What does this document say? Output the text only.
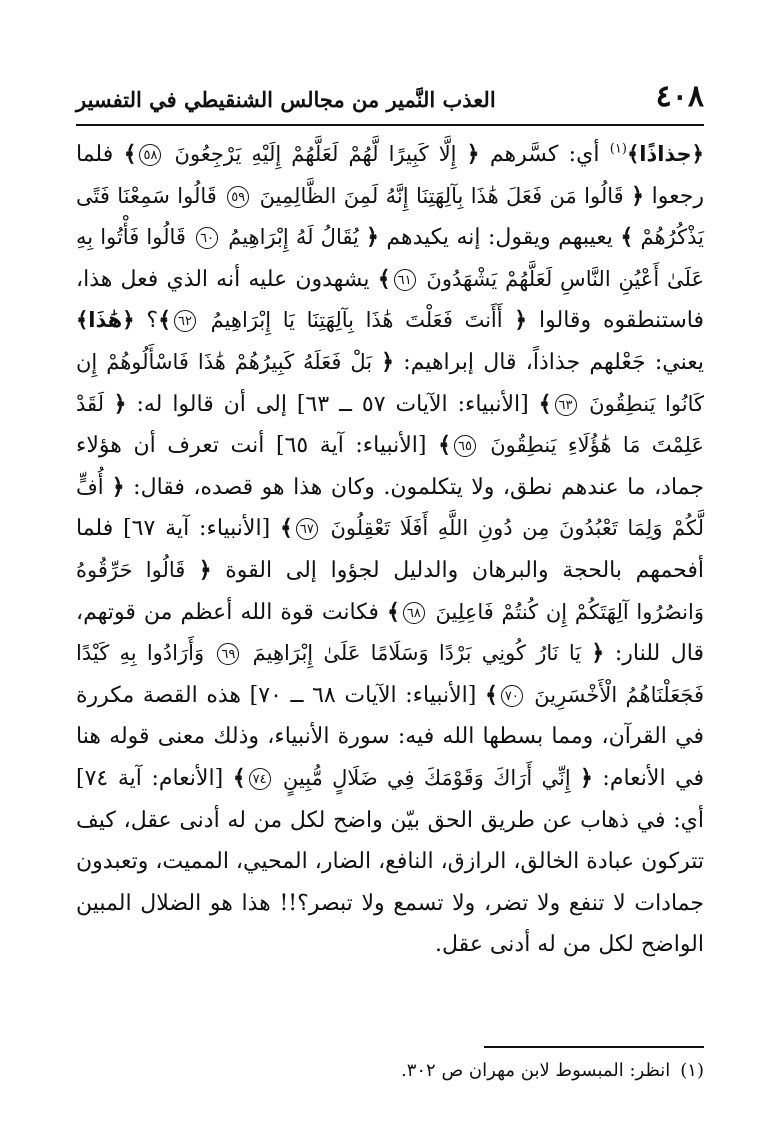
٤٠٨
العذب النَّمير من مجالس الشنقيطي في التفسير

﴿جذاذًا﴾$^{(١)}$ أي: كسَّرهم ﴿ إِلَّا كَبِيرًا لَّهُمْ لَعَلَّهُمْ إِلَيْهِ يَرْجِعُونَ ٥٨﴾ فلما رجعوا ﴿ قَالُوا مَن فَعَلَ هَٰذَا بِآلِهَتِنَا إِنَّهُ لَمِنَ الظَّالِمِينَ ٥٩ قَالُوا سَمِعْنَا فَتًى يَذْكُرُهُمْ ﴾ يعيبهم ويقول: إنه يكيدهم ﴿ يُقَالُ لَهُ إِبْرَاهِيمُ ٦٠ قَالُوا فَأْتُوا بِهِ عَلَىٰ أَعْيُنِ النَّاسِ لَعَلَّهُمْ يَشْهَدُونَ ٦١﴾ يشهدون عليه أنه الذي فعل هذا، فاستنطقوه وقالوا ﴿ أَأَنتَ فَعَلْتَ هَٰذَا بِآلِهَتِنَا يَا إِبْرَاهِيمُ ٦٢﴾؟ ﴿هَٰذَا﴾ يعني: جَعْلهم جذاذاً، قال إبراهيم: ﴿ بَلْ فَعَلَهُ كَبِيرُهُمْ هَٰذَا فَاسْأَلُوهُمْ إِن كَانُوا يَنطِقُونَ ٦٣﴾ [الأنبياء: الآيات ٥٧ ــ ٦٣] إلى أن قالوا له: ﴿ لَقَدْ عَلِمْتَ مَا هَٰؤُلَاءِ يَنطِقُونَ ٦٥﴾ [الأنبياء: آية ٦٥] أنت تعرف أن هؤلاء جماد، ما عندهم نطق، ولا يتكلمون. وكان هذا هو قصده، فقال: ﴿ أُفٍّ لَّكُمْ وَلِمَا تَعْبُدُونَ مِن دُونِ اللَّهِ أَفَلَا تَعْقِلُونَ ٦٧﴾ [الأنبياء: آية ٦٧] فلما أفحمهم بالحجة والبرهان والدليل لجؤوا إلى القوة ﴿ قَالُوا حَرِّقُوهُ وَانصُرُوا آلِهَتَكُمْ إِن كُنتُمْ فَاعِلِينَ ٦٨﴾ فكانت قوة الله أعظم من قوتهم، قال للنار: ﴿ يَا نَارُ كُونِي بَرْدًا وَسَلَامًا عَلَىٰ إِبْرَاهِيمَ ٦٩ وَأَرَادُوا بِهِ كَيْدًا فَجَعَلْنَاهُمُ الْأَخْسَرِينَ ٧٠﴾ [الأنبياء: الآيات ٦٨ ــ ٧٠] هذه القصة مكررة في القرآن، ومما بسطها الله فيه: سورة الأنبياء، وذلك معنى قوله هنا في الأنعام: ﴿ إِنِّي أَرَاكَ وَقَوْمَكَ فِي ضَلَالٍ مُّبِينٍ ٧٤﴾ [الأنعام: آية ٧٤] أي: في ذهاب عن طريق الحق بيّن واضح لكل من له أدنى عقل، كيف تتركون عبادة الخالق، الرازق، النافع، الضار، المحيي، المميت، وتعبدون جمادات لا تنفع ولا تضر، ولا تسمع ولا تبصر؟!! هذا هو الضلال المبين الواضح لكل من له أدنى عقل.

(١)انظر: المبسوط لابن مهران ص ٣٠٢.
